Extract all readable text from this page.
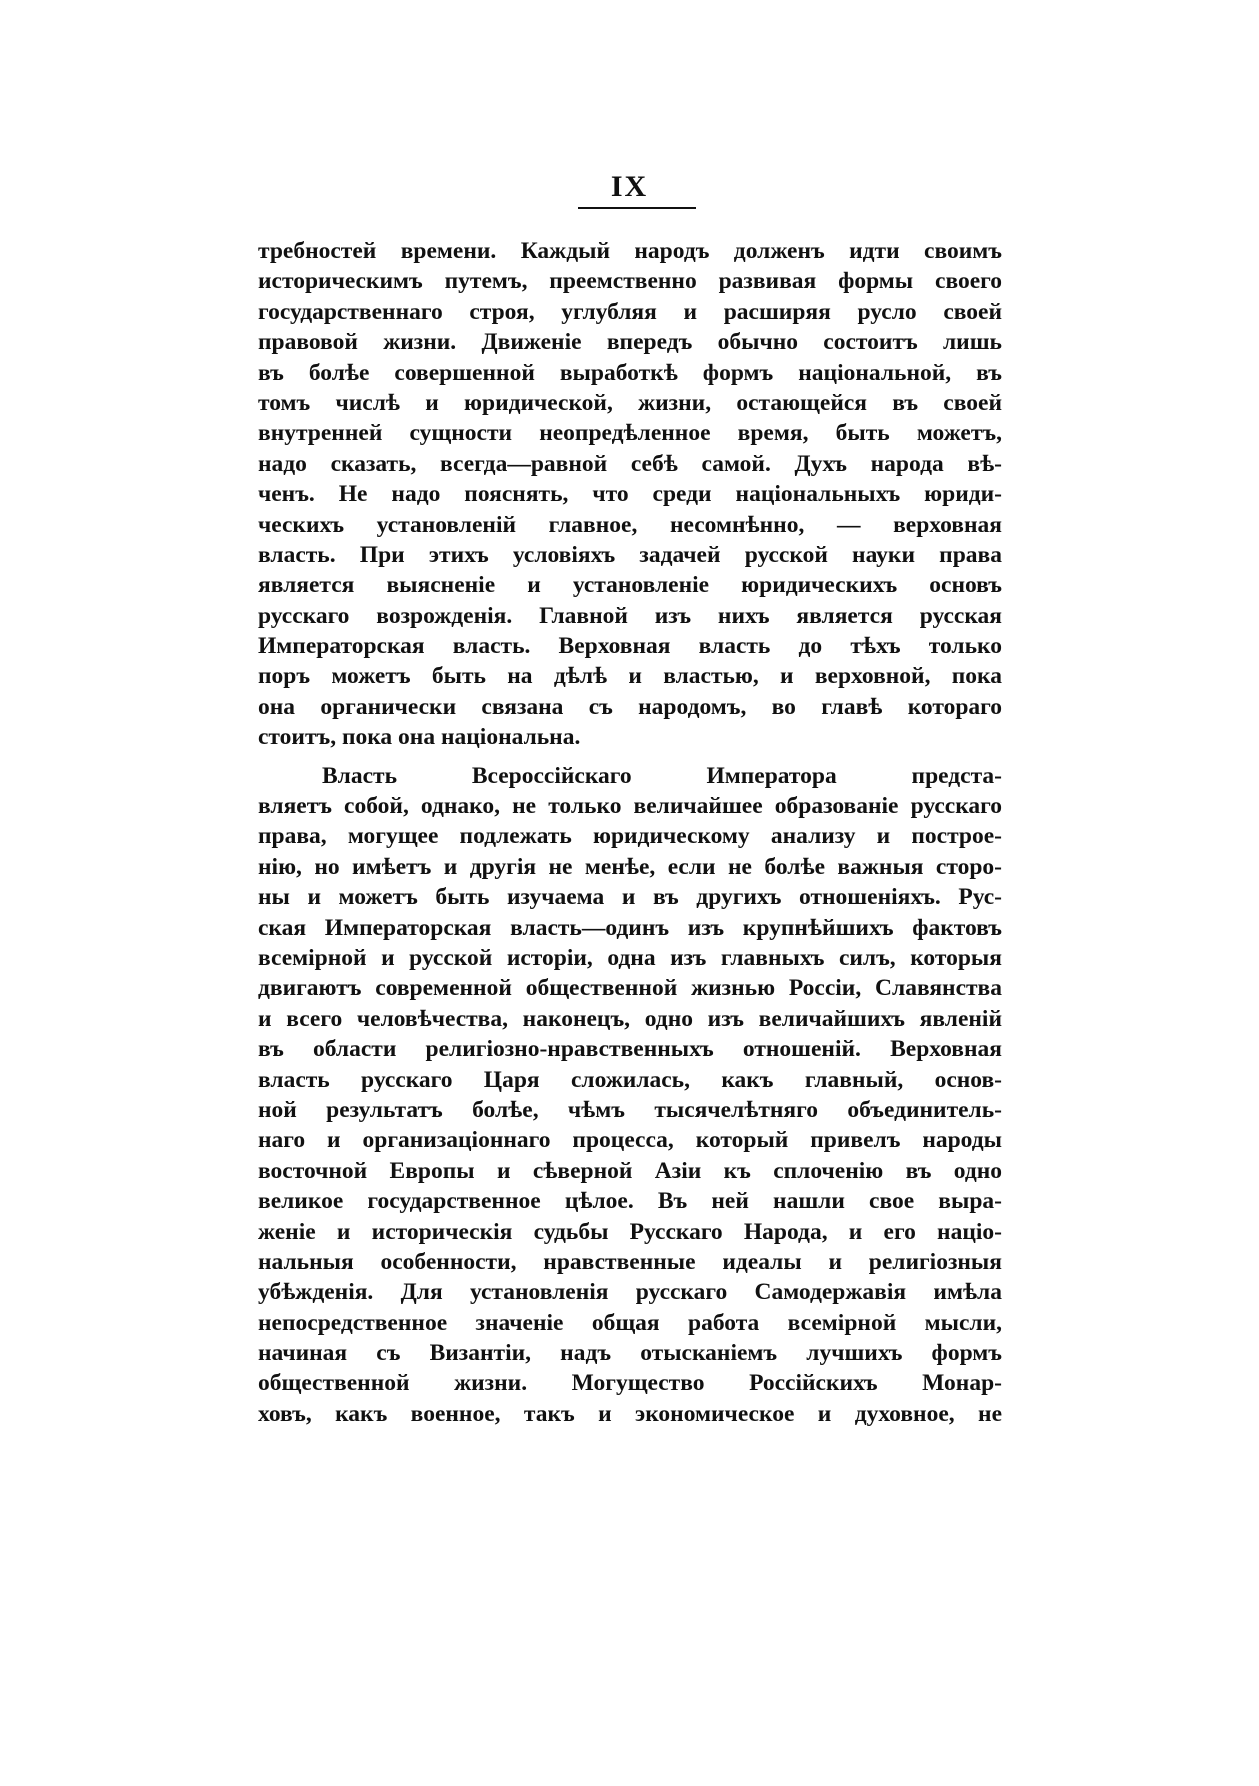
IX
требностей времени. Каждый народъ долженъ идти своимъ
историческимъ путемъ, преемственно развивая формы своего
государственнаго строя, углубляя и расширяя русло своей
правовой жизни. Движеніе впередъ обычно состоитъ лишь
въ болѣе совершенной выработкѣ формъ національной, въ
томъ числѣ и юридической, жизни, остающейся въ своей
внутренней сущности неопредѣленное время, быть можетъ,
надо сказать, всегда—равной себѣ самой. Духъ народа вѣ-
ченъ. Не надо пояснять, что среди національныхъ юриди-
ческихъ установленій главное, несомнѣнно, — верховная
власть. При этихъ условіяхъ задачей русской науки права
является выясненіе и установленіе юридическихъ основъ
русскаго возрожденія. Главной изъ нихъ является русская
Императорская власть. Верховная власть до тѣхъ только
поръ можетъ быть на дѣлѣ и властью, и верховной, пока
она органически связана съ народомъ, во главѣ котораго
стоитъ, пока она національна.
Власть Всероссійскаго Императора предста-
вляетъ собой, однако, не только величайшее образованіе русскаго
права, могущее подлежать юридическому анализу и построе-
нію, но имѣетъ и другія не менѣе, если не болѣе важныя сторо-
ны и можетъ быть изучаема и въ другихъ отношеніяхъ. Рус-
ская Императорская власть—одинъ изъ крупнѣйшихъ фактовъ
всемірной и русской исторіи, одна изъ главныхъ силъ, которыя
двигаютъ современной общественной жизнью Россіи, Славянства
и всего человѣчества, наконецъ, одно изъ величайшихъ явленій
въ области религіозно-нравственныхъ отношеній. Верховная
власть русскаго Царя сложилась, какъ главный, основ-
ной результатъ болѣе, чѣмъ тысячелѣтняго объединитель-
наго и организаціоннаго процесса, который привелъ народы
восточной Европы и сѣверной Азіи къ сплоченію въ одно
великое государственное цѣлое. Въ ней нашли свое выра-
женіе и историческія судьбы Русскаго Народа, и его націо-
нальныя особенности, нравственные идеалы и религіозныя
убѣжденія. Для установленія русскаго Самодержавія имѣла
непосредственное значеніе общая работа всемірной мысли,
начиная съ Византіи, надъ отысканіемъ лучшихъ формъ
общественной жизни. Могущество Россійскихъ Монар-
ховъ, какъ военное, такъ и экономическое и духовное, не
